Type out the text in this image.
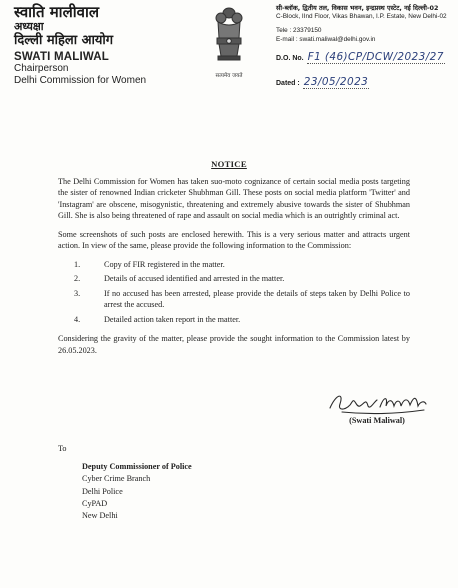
स्वाति मालीवाल
अध्यक्षा
दिल्ली महिला आयोग
SWATI MALIWAL
Chairperson
Delhi Commission for Women	सत्यमेव जयते
सी-ब्लॉक, द्वितीय तल, विकास भवन, इन्द्रप्रस्थ एस्टेट, नई दिल्ली-02
C-Block, IInd Floor, Vikas Bhawan, I.P. Estate, New Delhi-02
Tele : 23379150
E-mail : swati.maliwal@delhi.gov.in
D.O. No. F1 (46)CP/DCW/2023/27
Dated : 23/05/2023
NOTICE

The Delhi Commission for Women has taken suo-moto cognizance of certain social media posts targeting the sister of renowned Indian cricketer Shubhman Gill. These posts on social media platform 'Twitter' and 'Instagram' are obscene, misogynistic, threatening and extremely abusive towards the sister of Shubhman Gill. She is also being threatened of rape and assault on social media which is an outrightly criminal act.

Some screenshots of such posts are enclosed herewith. This is a very serious matter and attracts urgent action. In view of the same, please provide the following information to the Commission:

1.	Copy of FIR registered in the matter.
2.	Details of accused identified and arrested in the matter.
3.	If no accused has been arrested, please provide the details of steps taken by Delhi Police to arrest the accused.
4.	Detailed action taken report in the matter.

Considering the gravity of the matter, please provide the sought information to the Commission latest by 26.05.2023.

(Swati Maliwal)
To
Deputy Commissioner of Police
Cyber Crime Branch
Delhi Police
CyPAD
New Delhi
